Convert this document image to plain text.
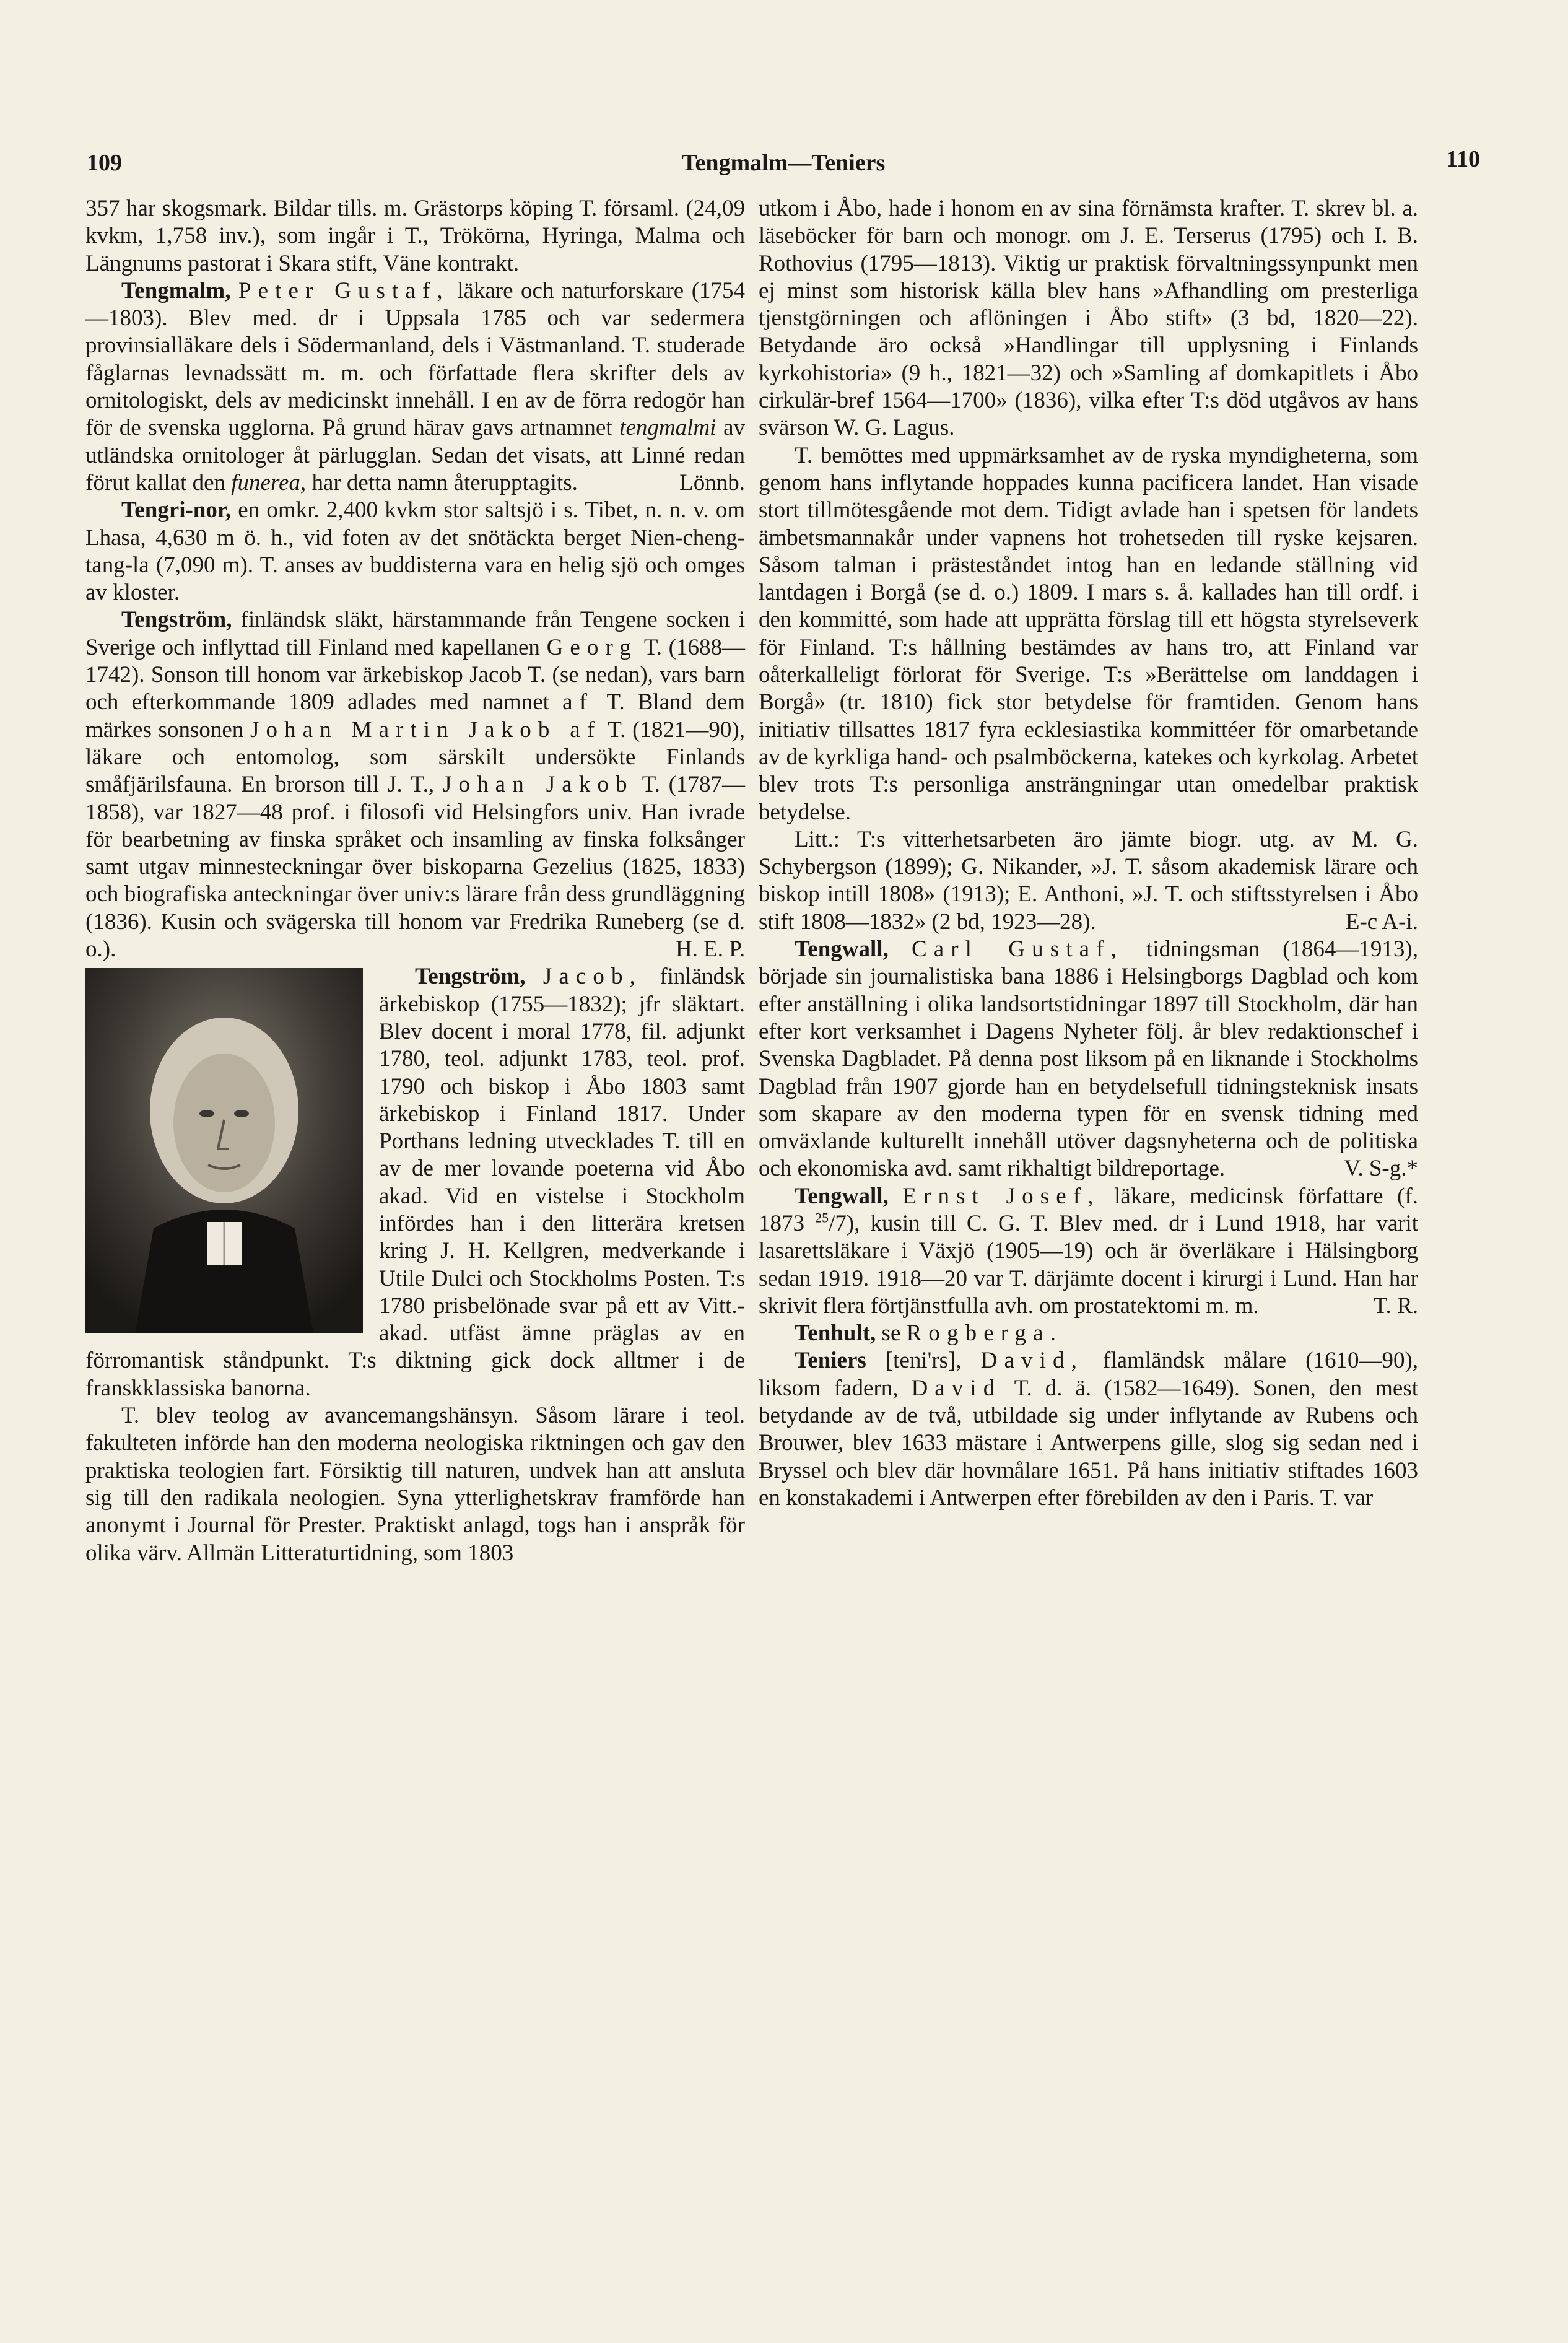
109	Tengmalm—Teniers	110

357 har skogsmark. Bildar tills. m. Grästorps köping T. församl. (24,09 kvkm, 1,758 inv.), som ingår i T., Trökörna, Hyringa, Malma och Längnums pastorat i Skara stift, Väne kontrakt.

Tengmalm, Peter Gustaf, läkare och naturforskare (1754—1803). Blev med. dr i Uppsala 1785 och var sedermera provinsialläkare dels i Södermanland, dels i Västmanland. T. studerade fåglarnas levnadssätt m. m. och författade flera skrifter dels av ornitologiskt, dels av medicinskt innehåll. I en av de förra redogör han för de svenska ugglorna. På grund härav gavs artnamnet tengmalmi av utländska ornitologer åt pärlugglan. Sedan det visats, att Linné redan förut kallat den funerea, har detta namn återupptagits.	Lönnb.

Tengri-nor, en omkr. 2,400 kvkm stor saltsjö i s. Tibet, n. n. v. om Lhasa, 4,630 m ö. h., vid foten av det snötäckta berget Nien-cheng-tang-la (7,090 m). T. anses av buddisterna vara en helig sjö och omges av kloster.

Tengström, finländsk släkt, härstammande från Tengene socken i Sverige och inflyttad till Finland med kapellanen Georg T. (1688—1742). Sonson till honom var ärkebiskop Jacob T. (se nedan), vars barn och efterkommande 1809 adlades med namnet af T. Bland dem märkes sonsonen Johan Martin Jakob af T. (1821—90), läkare och entomolog, som särskilt undersökte Finlands småfjärilsfauna. En brorson till J. T., Johan Jakob T. (1787—1858), var 1827—48 prof. i filosofi vid Helsingfors univ. Han ivrade för bearbetning av finska språket och insamling av finska folksånger samt utgav minnesteckningar över biskoparna Gezelius (1825, 1833) och biografiska anteckningar över univ:s lärare från dess grundläggning (1836). Kusin och svägerska till honom var Fredrika Runeberg (se d. o.).	H. E. P.

Tengström, Jacob, finländsk ärkebiskop (1755—1832); jfr släktart. Blev docent i moral 1778, fil. adjunkt 1780, teol. adjunkt 1783, teol. prof. 1790 och biskop i Åbo 1803 samt ärkebiskop i Finland 1817. Under Porthans ledning utvecklades T. till en av de mer lovande poeterna vid Åbo akad. Vid en vistelse i Stockholm infördes han i den litterära kretsen kring J. H. Kellgren, medverkande i Utile Dulci och Stockholms Posten. T:s 1780 prisbelönade svar på ett av Vitt.-akad. utfäst ämne präglas av en förromantisk ståndpunkt. T:s diktning gick dock alltmer i de franskklassiska banorna.

T. blev teolog av avancemangshänsyn. Såsom lärare i teol. fakulteten införde han den moderna neologiska riktningen och gav den praktiska teologien fart. Försiktig till naturen, undvek han att ansluta sig till den radikala neologien. Syna ytterlighetskrav framförde han anonymt i Journal för Prester. Praktiskt anlagd, togs han i anspråk för olika värv. Allmän Litteraturtidning, som 1803

utkom i Åbo, hade i honom en av sina förnämsta krafter. T. skrev bl. a. läseböcker för barn och monogr. om J. E. Terserus (1795) och I. B. Rothovius (1795—1813). Viktig ur praktisk förvaltningssynpunkt men ej minst som historisk källa blev hans »Afhandling om presterliga tjenstgörningen och aflöningen i Åbo stift» (3 bd, 1820—22). Betydande äro också »Handlingar till upplysning i Finlands kyrkohistoria» (9 h., 1821—32) och »Samling af domkapitlets i Åbo cirkulär-bref 1564—1700» (1836), vilka efter T:s död utgåvos av hans svärson W. G. Lagus.

T. bemöttes med uppmärksamhet av de ryska myndigheterna, som genom hans inflytande hoppades kunna pacificera landet. Han visade stort tillmötesgående mot dem. Tidigt avlade han i spetsen för landets ämbetsmannakår under vapnens hot trohetseden till ryske kejsaren. Såsom talman i prästeståndet intog han en ledande ställning vid lantdagen i Borgå (se d. o.) 1809. I mars s. å. kallades han till ordf. i den kommitté, som hade att upprätta förslag till ett högsta styrelseverk för Finland. T:s hållning bestämdes av hans tro, att Finland var oåterkalleligt förlorat för Sverige. T:s »Berättelse om landdagen i Borgå» (tr. 1810) fick stor betydelse för framtiden. Genom hans initiativ tillsattes 1817 fyra ecklesiastika kommittéer för omarbetande av de kyrkliga hand- och psalmböckerna, katekes och kyrkolag. Arbetet blev trots T:s personliga ansträngningar utan omedelbar praktisk betydelse.

Litt.: T:s vitterhetsarbeten äro jämte biogr. utg. av M. G. Schybergson (1899); G. Nikander, »J. T. såsom akademisk lärare och biskop intill 1808» (1913); E. Anthoni, »J. T. och stiftsstyrelsen i Åbo stift 1808—1832» (2 bd, 1923—28).	E-c A-i.

Tengwall, Carl Gustaf, tidningsman (1864—1913), började sin journalistiska bana 1886 i Helsingborgs Dagblad och kom efter anställning i olika landsortstidningar 1897 till Stockholm, där han efter kort verksamhet i Dagens Nyheter följ. år blev redaktionschef i Svenska Dagbladet. På denna post liksom på en liknande i Stockholms Dagblad från 1907 gjorde han en betydelsefull tidningsteknisk insats som skapare av den moderna typen för en svensk tidning med omväxlande kulturellt innehåll utöver dagsnyheterna och de politiska och ekonomiska avd. samt rikhaltigt bildreportage.	V. S-g.*

Tengwall, Ernst Josef, läkare, medicinsk författare (f. 1873 $^{25}$/7), kusin till C. G. T. Blev med. dr i Lund 1918, har varit lasarettsläkare i Växjö (1905—19) och är överläkare i Hälsingborg sedan 1919. 1918—20 var T. därjämte docent i kirurgi i Lund. Han har skrivit flera förtjänstfulla avh. om prostatektomi m. m.	T. R.

Tenhult, se Rogberga.

Teniers [teni'rs], David, flamländsk målare (1610—90), liksom fadern, David T. d. ä. (1582—1649). Sonen, den mest betydande av de två, utbildade sig under inflytande av Rubens och Brouwer, blev 1633 mästare i Antwerpens gille, slog sig sedan ned i Bryssel och blev där hovmålare 1651. På hans initiativ stiftades 1603 en konstakademi i Antwerpen efter förebilden av den i Paris. T. var
